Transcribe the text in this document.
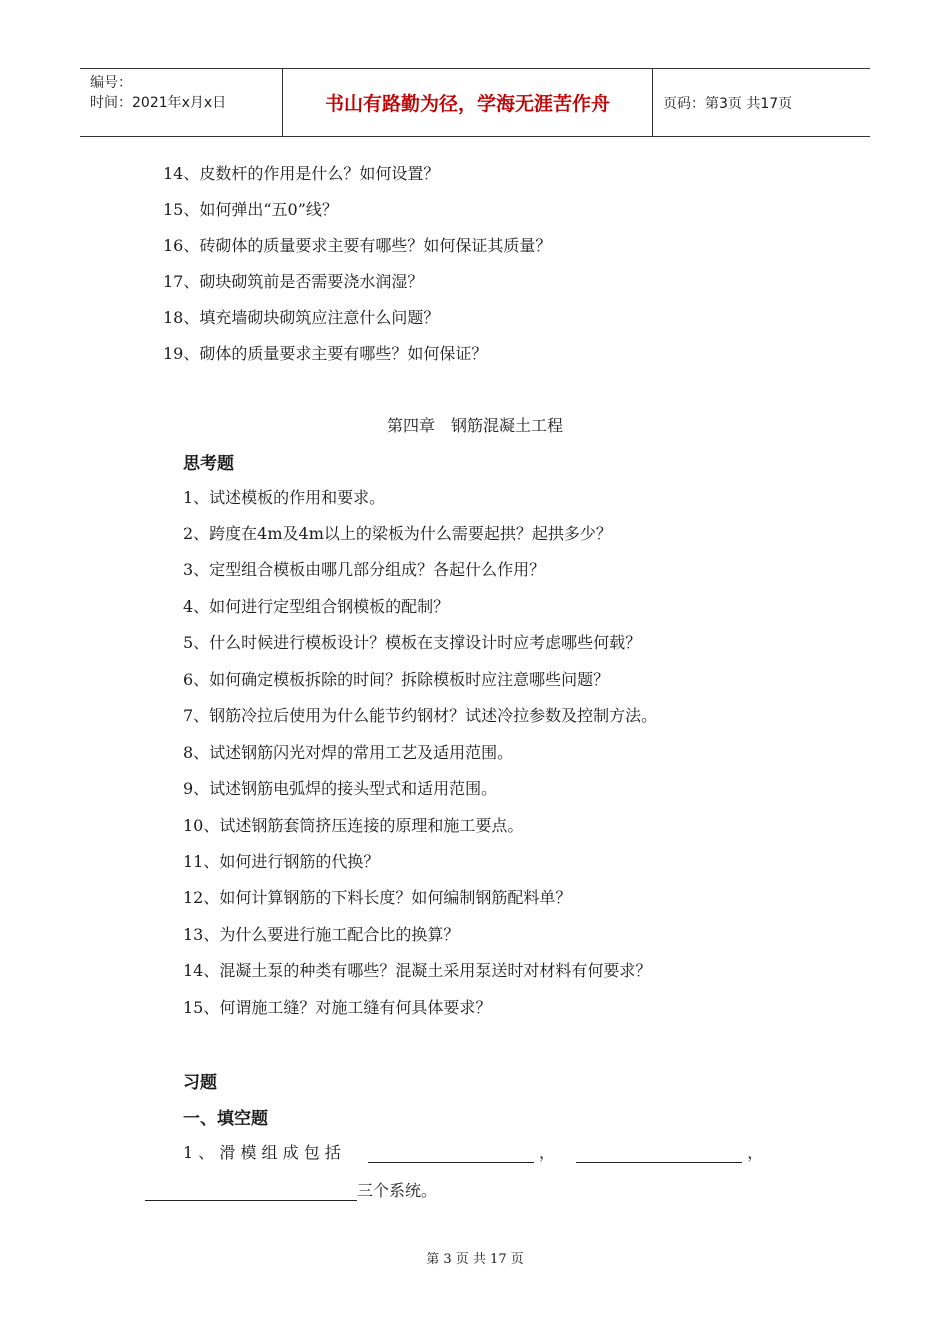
编号：
时间：2021年x月x日	书山有路勤为径，学海无涯苦作舟	页码：第3页 共17页
14、皮数杆的作用是什么？如何设置？
15、如何弹出“五0”线？
16、砖砌体的质量要求主要有哪些？如何保证其质量？
17、砌块砌筑前是否需要浇水润湿？
18、填充墙砌块砌筑应注意什么问题？
19、砌体的质量要求主要有哪些？如何保证？
第四章　钢筋混凝土工程
思考题
1、试述模板的作用和要求。
2、跨度在4m及4m以上的梁板为什么需要起拱？起拱多少？
3、定型组合模板由哪几部分组成？各起什么作用？
4、如何进行定型组合钢模板的配制？
5、什么时候进行模板设计？模板在支撑设计时应考虑哪些何载？
6、如何确定模板拆除的时间？拆除模板时应注意哪些问题？
7、钢筋冷拉后使用为什么能节约钢材？试述冷拉参数及控制方法。
8、试述钢筋闪光对焊的常用工艺及适用范围。
9、试述钢筋电弧焊的接头型式和适用范围。
10、试述钢筋套筒挤压连接的原理和施工要点。
11、如何进行钢筋的代换？
12、如何计算钢筋的下料长度？如何编制钢筋配料单？
13、为什么要进行施工配合比的换算？
14、混凝土泵的种类有哪些？混凝土采用泵送时对材料有何要求？
15、何谓施工缝？对施工缝有何具体要求？
习题
一、填空题
1 、 滑 模 组 成 包 括	，	，
三个系统。
第 3 页 共 17 页
